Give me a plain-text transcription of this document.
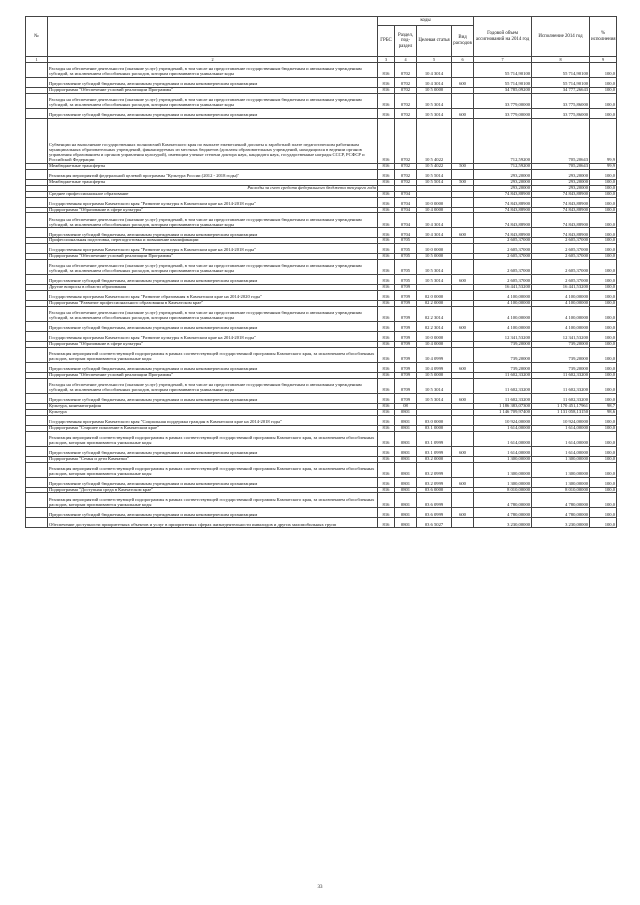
№		коды				Годовой объем ассигнований на 2014 год	Исполнение 2014 год	% исполнения
		ГРБС	Раздел, под-раздел	Целевая статья	Вид расходов			

1	2	3	4	5	6	7	8	9
	Расходы на обеспечение деятельности (оказание услуг) учреждений, в том числе на предоставление государственным бюджетным и автономным учреждениям субсидий, за исключением обособленных расходов, которым присваиваются уникальные коды	816	0702	10 4 3014		55 714,90100	55 714,90100	100,0
	Предоставление субсидий бюджетным, автономным учреждениям и иным некоммерческим организациям	816	0702	10 4 3014	600	55 714,90100	55 714,90100	100,0
	Подпрограмма "Обеспечение условий реализации Программы"	816	0702	10 5 0000		34 785,09200	34 777,26643	100,0
	Расходы на обеспечение деятельности (оказание услуг) учреждений, в том числе на предоставление государственным бюджетным и автономным учреждениям субсидий, за исключением обособленных расходов, которым присваиваются уникальные коды	816	0702	10 5 3014		33 779,00000	33 775,86000	100,0
	Предоставление субсидий бюджетным, автономным учреждениям и иным некоммерческим организациям	816	0702	10 5 3014	600	33 779,00000	33 775,86000	100,0
	Субвенции на выполнение государственных полномочий Камчатского края по выплате ежемесячной доплаты к заработной плате педагогическим работникам муниципальных образовательных учреждений, финансируемых из местных бюджетов (доплаты образовательных учреждений, находящихся в ведении органов управления образованием и органов управления культурой), имеющим ученые степени доктора наук, кандидата наук, государственные награды СССР, РСФСР и Российской Федерации	816	0702	10 5 4022		712,59200	705,20643	99,9
	Межбюджетные трансферты	816	0702	10 5 4022	500	712,59200	705,20643	99,9
	Реализация мероприятий федеральной целевой программы "Культура России (2012 - 2018 годы)"	816	0702	10 5 5014		293,20000	293,20000	100,0
	Межбюджетные трансферты	816	0702	10 5 5014	500	293,20000	293,20000	100,0
	Расходы за счет средств федерального бюджета текущего года					293,20000	293,20000	100,0
	Среднее профессиональное образование	816	0704			74 843,88900	74 843,88900	100,0
	Государственная программа Камчатского края "Развитие культуры в Камчатском крае на 2014-2018 годы"	816	0704	10 0 0000		74 843,88900	74 843,88900	100,0
	Подпрограмма "Образование в сфере культуры"	816	0704	10 4 0000		74 843,88900	74 843,88900	100,0
	Расходы на обеспечение деятельности (оказание услуг) учреждений, в том числе на предоставление государственным бюджетным и автономным учреждениям субсидий, за исключением обособленных расходов, которым присваиваются уникальные коды	816	0704	10 4 3014		74 843,88900	74 843,88900	100,0
	Предоставление субсидий бюджетным, автономным учреждениям и иным некоммерческим организациям	816	0704	10 4 3014	600	74 843,88900	74 843,88900	100,0
	Профессиональная подготовка, переподготовка и повышение квалификации	816	0705			2 605,37000	2 605,37000	100,0
	Государственная программа Камчатского края "Развитие культуры в Камчатском крае на 2014-2018 годы"	816	0705	10 0 0000		2 605,37000	2 605,37000	100,0
	Подпрограмма "Обеспечение условий реализации Программы"	816	0705	10 5 0000		2 605,37000	2 605,37000	100,0
	Расходы на обеспечение деятельности (оказание услуг) учреждений, в том числе на предоставление государственным бюджетным и автономным учреждениям субсидий, за исключением обособленных расходов, которым присваиваются уникальные коды	816	0705	10 5 3014		2 605,37000	2 605,37000	100,0
	Предоставление субсидий бюджетным, автономным учреждениям и иным некоммерческим организациям	816	0705	10 5 3014	600	2 605,37000	2 605,37000	100,0
	Другие вопросы в области образования	816	0709			16 441,53200	16 441,53200	100,0
	Государственная программа Камчатского края "Развитие образования в Камчатском крае на 2014-2020 годы"	816	0709	02 0 0000		4 100,00000	4 100,00000	100,0
	Подпрограмма "Развитие профессионального образования в Камчатском крае"	816	0709	02 2 0000		4 100,00000	4 100,00000	100,0
	Расходы на обеспечение деятельности (оказание услуг) учреждений, в том числе на предоставление государственным бюджетным и автономным учреждениям субсидий, за исключением обособленных расходов, которым присваиваются уникальные коды	816	0709	02 2 3014		4 100,00000	4 100,00000	100,0
	Предоставление субсидий бюджетным, автономным учреждениям и иным некоммерческим организациям	816	0709	02 2 3014	600	4 100,00000	4 100,00000	100,0
	Государственная программа Камчатского края "Развитие культуры в Камчатском крае на 2014-2018 годы"	816	0709	10 0 0000		12 341,53200	12 341,53200	100,0
	Подпрограмма "Образование в сфере культуры"	816	0709	10 4 0000		739,20000	739,20000	100,0
	Реализация мероприятий соответствующей подпрограммы в рамках соответствующей государственной программы Камчатского края, за исключением обособленных расходов, которым присваиваются уникальные коды	816	0709	10 4 0999		739,20000	739,20000	100,0
	Предоставление субсидий бюджетным, автономным учреждениям и иным некоммерческим организациям	816	0709	10 4 0999	600	739,20000	739,20000	100,0
	Подпрограмма "Обеспечение условий реализации Программы"	816	0709	10 5 0000		11 602,33200	11 602,33200	100,0
	Расходы на обеспечение деятельности (оказание услуг) учреждений, в том числе на предоставление государственным бюджетным и автономным учреждениям субсидий, за исключением обособленных расходов, которым присваиваются уникальные коды	816	0709	10 5 3014		11 602,33200	11 602,33200	100,0
	Предоставление субсидий бюджетным, автономным учреждениям и иным некоммерческим организациям	816	0709	10 5 3014	600	11 602,33200	11 602,33200	100,0
	Культура, кинематография	816	08			1 186 383,07300	1 170 451,17961	98,7
	Культура	816	0801			1 146 709,97400	1 131 058,13150	98,6
	Государственная программа Камчатского края "Социальная поддержка граждан в Камчатском крае на 2014-2018 годы"	816	0801	03 0 0000		10 924,00000	10 924,00000	100,0
	Подпрограмма "Старшее поколение в Камчатском крае"	816	0801	03 1 0000		1 614,00000	1 614,00000	100,0
	Реализация мероприятий соответствующей подпрограммы в рамках соответствующей государственной программы Камчатского края, за исключением обособленных расходов, которым присваиваются уникальные коды	816	0801	03 1 0999		1 614,00000	1 614,00000	100,0
	Предоставление субсидий бюджетным, автономным учреждениям и иным некоммерческим организациям	816	0801	03 1 0999	600	1 614,00000	1 614,00000	100,0
	Подпрограмма "Семья и дети Камчатки"	816	0801	03 2 0000		1 300,00000	1 300,00000	100,0
	Реализация мероприятий соответствующей подпрограммы в рамках соответствующей государственной программы Камчатского края, за исключением обособленных расходов, которым присваиваются уникальные коды	816	0801	03 2 0999		1 300,00000	1 300,00000	100,0
	Предоставление субсидий бюджетным, автономным учреждениям и иным некоммерческим организациям	816	0801	03 2 0999	600	1 300,00000	1 300,00000	100,0
	Подпрограмма "Доступная среда в Камчатском крае"	816	0801	03 6 0000		8 010,00000	8 010,00000	100,0
	Реализация мероприятий соответствующей подпрограммы в рамках соответствующей государственной программы Камчатского края, за исключением обособленных расходов, которым присваиваются уникальные коды	816	0801	03 6 0999		4 780,00000	4 780,00000	100,0
	Предоставление субсидий бюджетным, автономным учреждениям и иным некоммерческим организациям	816	0801	03 6 0999	600	4 780,00000	4 780,00000	100,0
	Обеспечение доступности приоритетных объектов и услуг в приоритетных сферах жизнедеятельности инвалидов и других маломобильных групп	816	0801	03 6 5027		3 230,00000	3 230,00000	100,0
33
